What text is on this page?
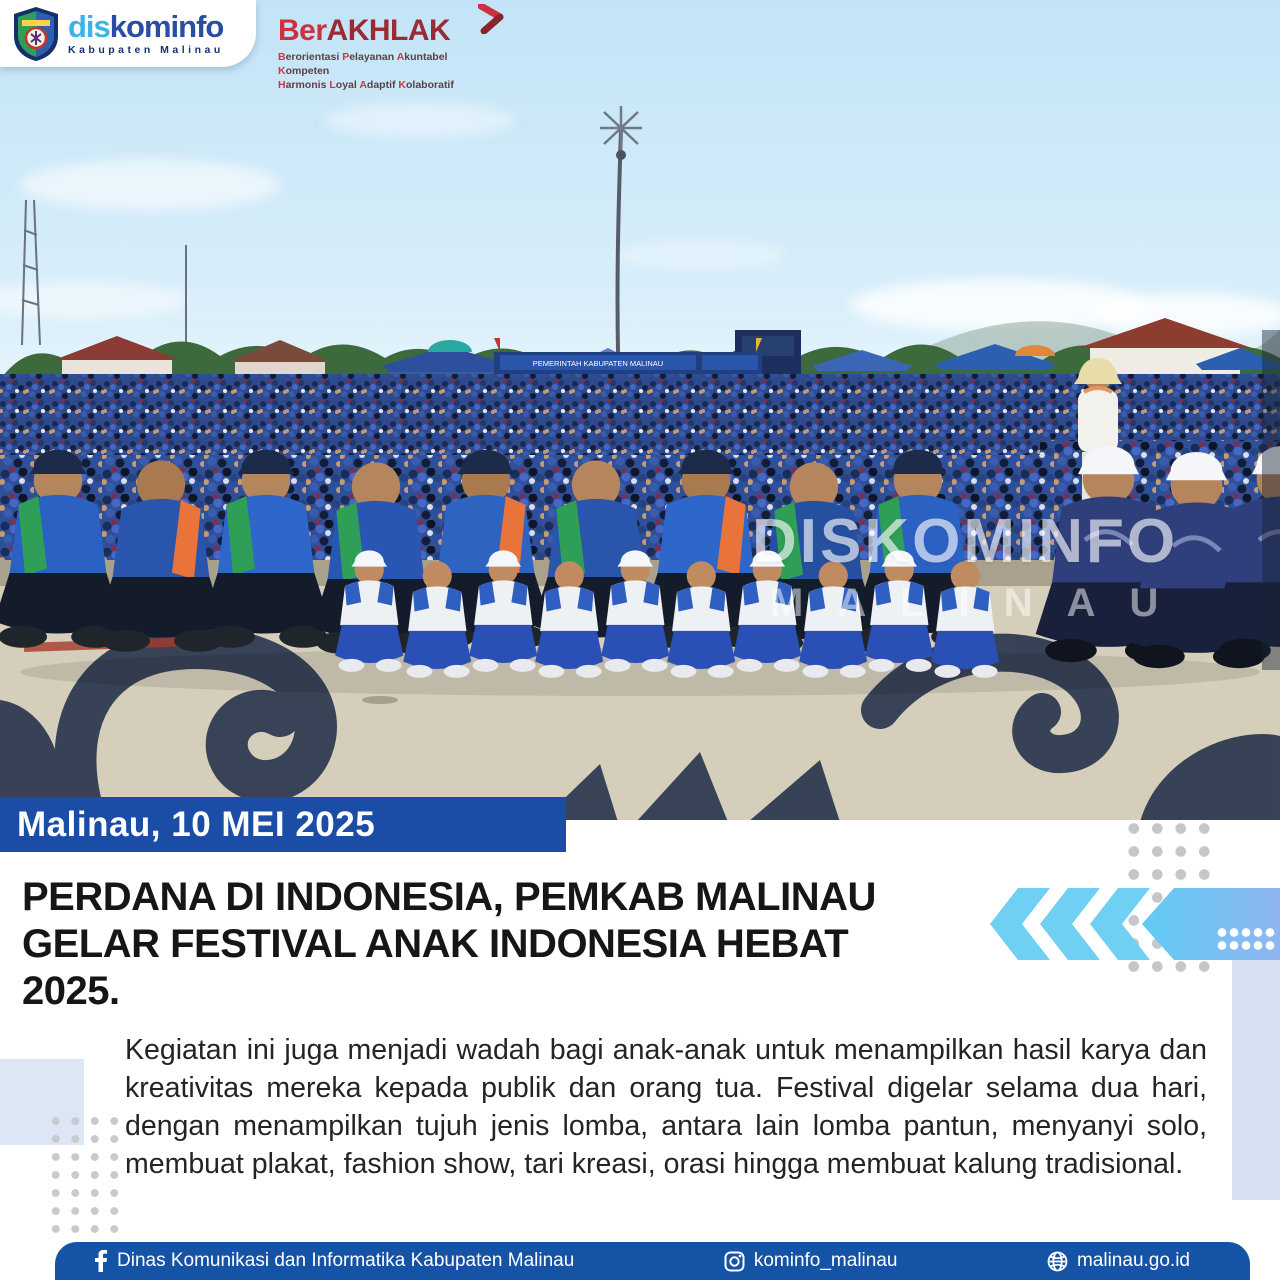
PEMERINTAH KABUPATEN MALINAU
DISKOMINFO
MALINAU
diskominfo
Kabupaten Malinau
BerAKHLAK
Berorientasi Pelayanan Akuntabel Kompeten
Harmonis Loyal Adaptif Kolaboratif
Malinau, 10 MEI 2025
PERDANA DI INDONESIA, PEMKAB MALINAU GELAR FESTIVAL ANAK INDONESIA HEBAT 2025.
Kegiatan ini juga menjadi wadah bagi anak-anak untuk menampilkan hasil karya dan kreativitas mereka kepada publik dan orang tua. Festival digelar selama dua hari, dengan menampilkan tujuh jenis lomba, antara lain lomba pantun, menyanyi solo, membuat plakat, fashion show, tari kreasi, orasi hingga membuat kalung tradisional.
Dinas Komunikasi dan Informatika Kabupaten Malinau	kominfo_malinau	malinau.go.id
